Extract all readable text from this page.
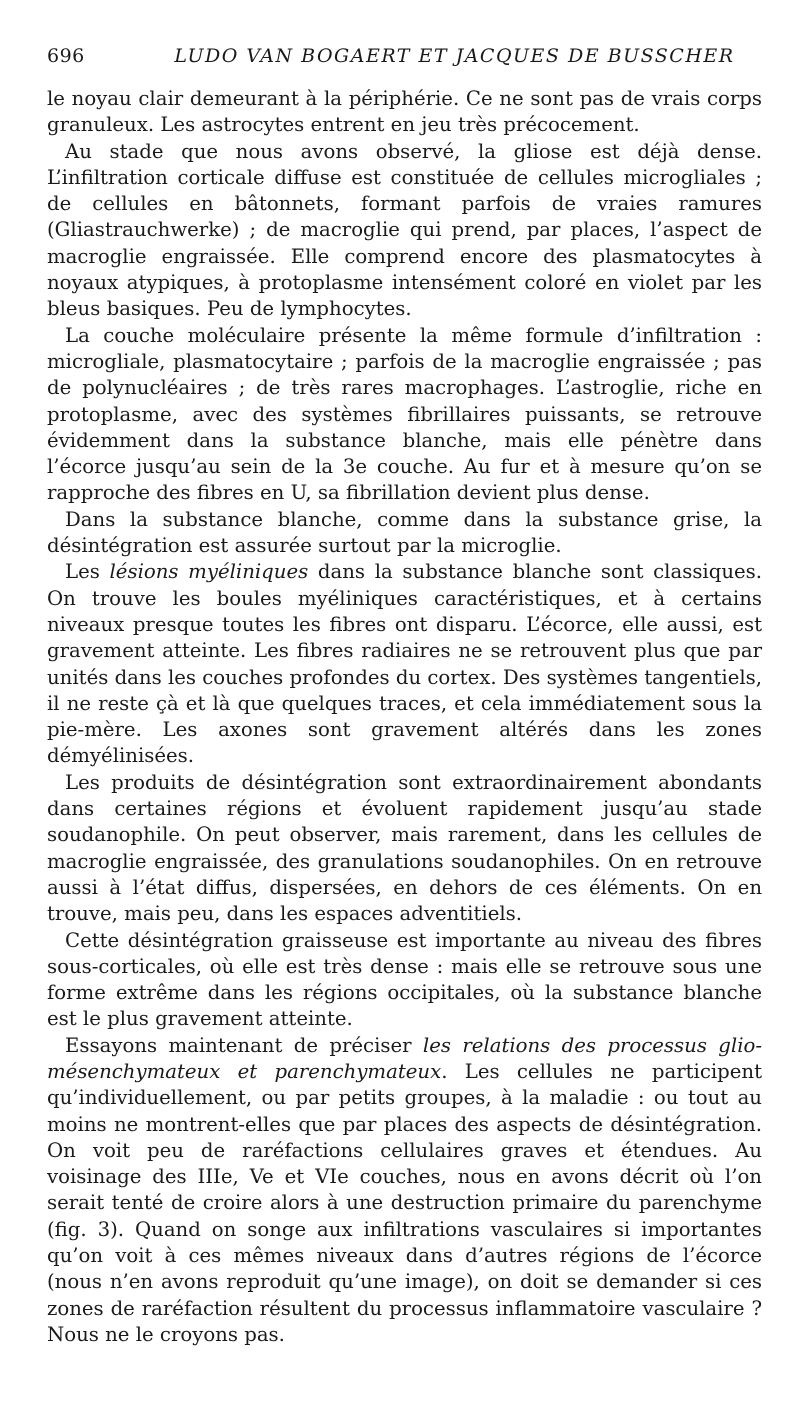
696	LUDO VAN BOGAERT ET JACQUES DE BUSSCHER

le noyau clair demeurant à la périphérie. Ce ne sont pas de vrais corps granuleux. Les astrocytes entrent en jeu très précocement.

Au stade que nous avons observé, la gliose est déjà dense. L’infiltration corticale diffuse est constituée de cellules microgliales ; de cellules en bâtonnets, formant parfois de vraies ramures (Gliastrauchwerke) ; de macroglie qui prend, par places, l’aspect de macroglie engraissée. Elle comprend encore des plasmatocytes à noyaux atypiques, à protoplasme intensément coloré en violet par les bleus basiques. Peu de lymphocytes.

La couche moléculaire présente la même formule d’infiltration : microgliale, plasmatocytaire ; parfois de la macroglie engraissée ; pas de polynucléaires ; de très rares macrophages. L’astroglie, riche en protoplasme, avec des systèmes fibrillaires puissants, se retrouve évidemment dans la substance blanche, mais elle pénètre dans l’écorce jusqu’au sein de la 3e couche. Au fur et à mesure qu’on se rapproche des fibres en U, sa fibrillation devient plus dense.

Dans la substance blanche, comme dans la substance grise, la désintégration est assurée surtout par la microglie.

Les lésions myéliniques dans la substance blanche sont classiques. On trouve les boules myéliniques caractéristiques, et à certains niveaux presque toutes les fibres ont disparu. L’écorce, elle aussi, est gravement atteinte. Les fibres radiaires ne se retrouvent plus que par unités dans les couches profondes du cortex. Des systèmes tangentiels, il ne reste çà et là que quelques traces, et cela immédiatement sous la pie-mère. Les axones sont gravement altérés dans les zones démyélinisées.

Les produits de désintégration sont extraordinairement abondants dans certaines régions et évoluent rapidement jusqu’au stade soudanophile. On peut observer, mais rarement, dans les cellules de macroglie engraissée, des granulations soudanophiles. On en retrouve aussi à l’état diffus, dispersées, en dehors de ces éléments. On en trouve, mais peu, dans les espaces adventitiels.

Cette désintégration graisseuse est importante au niveau des fibres sous-corticales, où elle est très dense : mais elle se retrouve sous une forme extrême dans les régions occipitales, où la substance blanche est le plus gravement atteinte.

Essayons maintenant de préciser les relations des processus glio-mésenchymateux et parenchymateux. Les cellules ne participent qu’individuellement, ou par petits groupes, à la maladie : ou tout au moins ne montrent-elles que par places des aspects de désintégration. On voit peu de raréfactions cellulaires graves et étendues. Au voisinage des IIIe, Ve et VIe couches, nous en avons décrit où l’on serait tenté de croire alors à une destruction primaire du parenchyme (fig. 3). Quand on songe aux infiltrations vasculaires si importantes qu’on voit à ces mêmes niveaux dans d’autres régions de l’écorce (nous n’en avons reproduit qu’une image), on doit se demander si ces zones de raréfaction résultent du processus inflammatoire vasculaire ? Nous ne le croyons pas.
